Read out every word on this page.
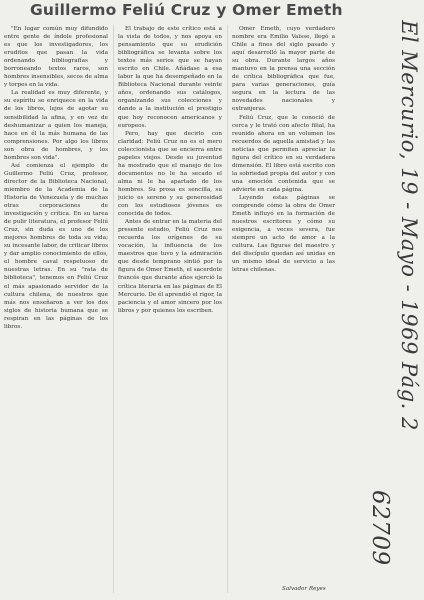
Guillermo Feliú Cruz y Omer Emeth

"En lugar común muy difundido entre gente de índole profesional es que los investigadores, los eruditos que pasan la vida ordenando bibliografías y borroneando textos raros, son hombres insensibles, secos de alma y torpes en la vida.

La realidad es muy diferente, y su espíritu se enriquece en la vida de los libros, lejos de agotar su sensibilidad la afina, y en vez de deshumanizar a quien los maneja, hace en él la más humana de las comprensiones. Por algo los libros son obra de hombres, y los hombres son vida".

Así comienza el ejemplo de Guillermo Feliú Cruz, profesor, director de la Biblioteca Nacional, miembro de la Academia de la Historia de Venezuela y de muchas otras corporaciones de investigación y crítica. En su tarea de pulir literatura, el profesor Feliú Cruz, sin duda es uno de los mejores hombres de toda su vida; su incesante labor, de criticar libros y dar amplio conocimiento de ellos, el hombre caval respetuoso de nuestras letras. En su "rata de biblioteca", tenemos en Feliú Cruz el más apasionado servidor de la cultura chilena, de nuestros que más nos enseñaron a ver los dos siglos de historia humana que se respiran en las páginas de los libros.

El trabajo de este crítico está a la vista de todos, y nos apoya en pensamiento que su erudición bibliográfica se levanta sobre los textos más serios que se hayan escrito en Chile. Añádase a esa labor la que ha desempeñado en la Biblioteca Nacional durante veinte años, ordenando sus catálogos, organizando sus colecciones y dando a la institución el prestigio que hoy reconocen americanos y europeos.

Pero, hay que decirlo con claridad: Feliú Cruz no es el mero coleccionista que se encierra entre papeles viejos. Desde su juventud ha mostrado que el manejo de los documentos no le ha secado el alma ni le ha apartado de los hombres. Su prosa es sencilla, su juicio es sereno y su generosidad con los estudiosos jóvenes es conocida de todos.

Antes de entrar en la materia del presente estudio, Feliú Cruz nos recuerda los orígenes de su vocación, la influencia de los maestros que tuvo y la admiración que desde temprano sintió por la figura de Omer Emeth, el sacerdote francés que durante años ejerció la crítica literaria en las páginas de El Mercurio. De él aprendió el rigor, la paciencia y el amor sincero por los libros y por quienes los escriben.

Omer Emeth, cuyo verdadero nombre era Emilio Vaïsse, llegó a Chile a fines del siglo pasado y aquí desarrolló la mayor parte de su obra. Durante largos años mantuvo en la prensa una sección de crítica bibliográfica que fue, para varias generaciones, guía segura en la lectura de las novedades nacionales y extranjeras.

Feliú Cruz, que le conoció de cerca y le trató con afecto filial, ha reunido ahora en un volumen los recuerdos de aquella amistad y las noticias que permiten apreciar la figura del crítico en su verdadera dimensión. El libro está escrito con la sobriedad propia del autor y con una emoción contenida que se advierte en cada página.

Leyendo estas páginas se comprende cómo la obra de Omer Emeth influyó en la formación de nuestros escritores y cómo su exigencia, a veces severa, fue siempre un acto de amor a la cultura. Las figuras del maestro y del discípulo quedan así unidas en un mismo ideal de servicio a las letras chilenas.

Salvador Reyes
El Mercurio, 19 - Mayo - 1969 Pág. 2
62709
